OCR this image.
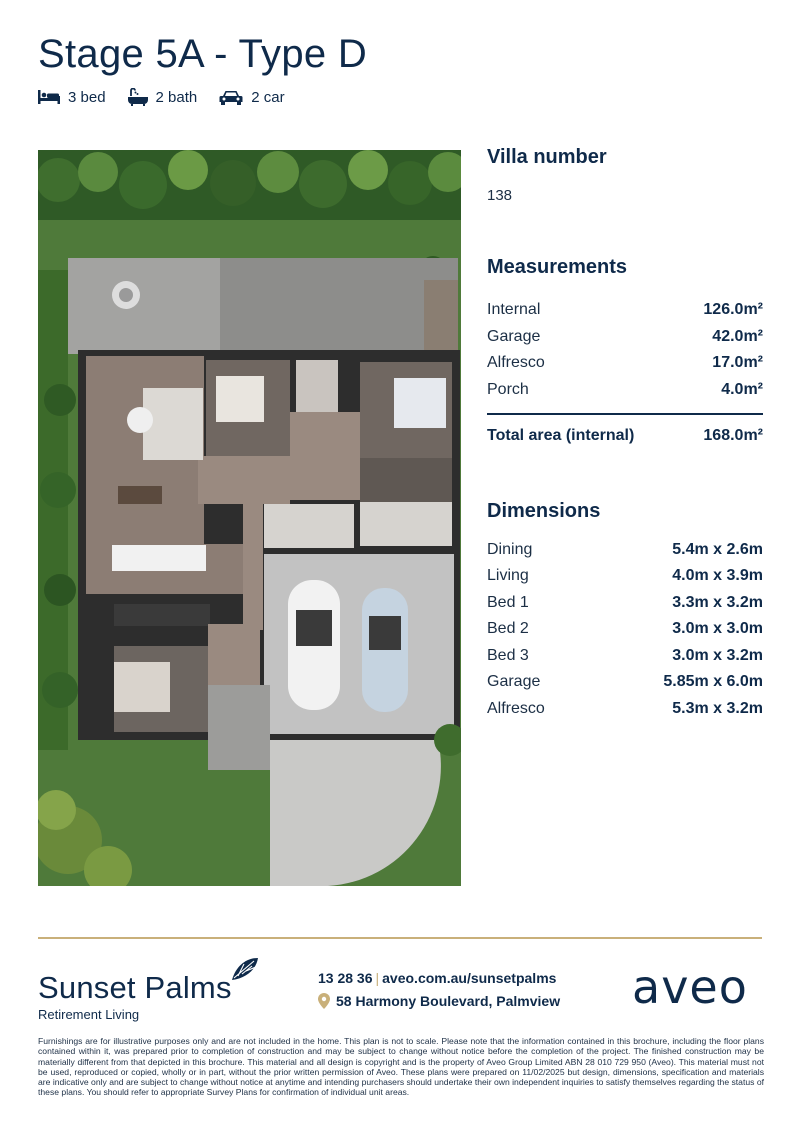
Stage 5A - Type D
3 bed	2 bath	2 car
Villa number
138
Measurements
Internal	126.0m²
Garage	42.0m²
Alfresco	17.0m²
Porch	4.0m²
Total area (internal)	168.0m²
Dimensions
Dining	5.4m x 2.6m
Living	4.0m x 3.9m
Bed 1	3.3m x 3.2m
Bed 2	3.0m x 3.0m
Bed 3	3.0m x 3.2m
Garage	5.85m x 6.0m
Alfresco	5.3m x 3.2m
Sunset Palms
Retirement Living
13 28 36 | aveo.com.au/sunsetpalms
58 Harmony Boulevard, Palmview aveo
Furnishings are for illustrative purposes only and are not included in the home. This plan is not to scale. Please note that the information contained in this brochure, including the floor plans contained within it, was prepared prior to completion of construction and may be subject to change without notice before the completion of the project. The finished construction may be materially different from that depicted in this brochure. This material and all design is copyright and is the property of Aveo Group Limited ABN 28 010 729 950 (Aveo). This material must not be used, reproduced or copied, wholly or in part, without the prior written permission of Aveo. These plans were prepared on 11/02/2025 but design, dimensions, specification and materials are indicative only and are subject to change without notice at anytime and intending purchasers should undertake their own independent inquiries to satisfy themselves regarding the status of these plans. You should refer to appropriate Survey Plans for confirmation of individual unit areas.
